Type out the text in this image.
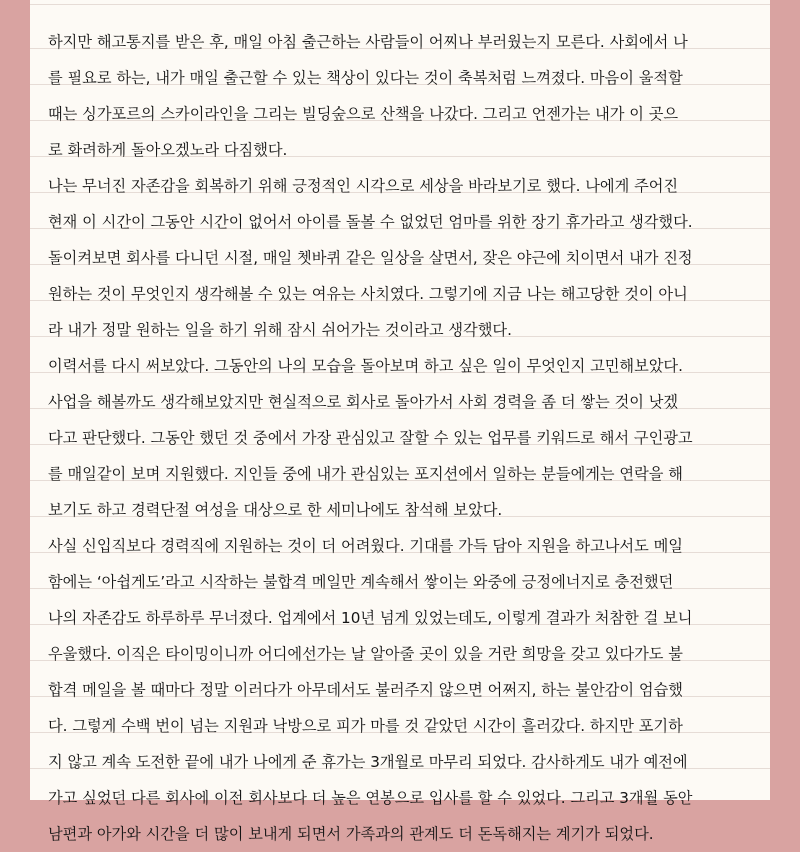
하지만 해고통지를 받은 후, 매일 아침 출근하는 사람들이 어찌나 부러웠는지 모른다. 사회에서 나
를 필요로 하는, 내가 매일 출근할 수 있는 책상이 있다는 것이 축복처럼 느껴졌다. 마음이 울적할
때는 싱가포르의 스카이라인을 그리는 빌딩숲으로 산책을 나갔다. 그리고 언젠가는 내가 이 곳으
로 화려하게 돌아오겠노라 다짐했다.
나는 무너진 자존감을 회복하기 위해 긍정적인 시각으로 세상을 바라보기로 했다. 나에게 주어진
현재 이 시간이 그동안 시간이 없어서 아이를 돌볼 수 없었던 엄마를 위한 장기 휴가라고 생각했다.
돌이켜보면 회사를 다니던 시절, 매일 쳇바퀴 같은 일상을 살면서, 잦은 야근에 치이면서 내가 진정
원하는 것이 무엇인지 생각해볼 수 있는 여유는 사치였다. 그렇기에 지금 나는 해고당한 것이 아니
라 내가 정말 원하는 일을 하기 위해 잠시 쉬어가는 것이라고 생각했다.
이력서를 다시 써보았다. 그동안의 나의 모습을 돌아보며 하고 싶은 일이 무엇인지 고민해보았다.
사업을 해볼까도 생각해보았지만 현실적으로 회사로 돌아가서 사회 경력을 좀 더 쌓는 것이 낫겠
다고 판단했다. 그동안 했던 것 중에서 가장 관심있고 잘할 수 있는 업무를 키워드로 해서 구인광고
를 매일같이 보며 지원했다. 지인들 중에 내가 관심있는 포지션에서 일하는 분들에게는 연락을 해
보기도 하고 경력단절 여성을 대상으로 한 세미나에도 참석해 보았다.
사실 신입직보다 경력직에 지원하는 것이 더 어려웠다. 기대를 가득 담아 지원을 하고나서도 메일
함에는 ‘아쉽게도’라고 시작하는 불합격 메일만 계속해서 쌓이는 와중에 긍정에너지로 충전했던
나의 자존감도 하루하루 무너졌다. 업계에서 10년 넘게 있었는데도, 이렇게 결과가 처참한 걸 보니
우울했다. 이직은 타이밍이니까 어디에선가는 날 알아줄 곳이 있을 거란 희망을 갖고 있다가도 불
합격 메일을 볼 때마다 정말 이러다가 아무데서도 불러주지 않으면 어쩌지, 하는 불안감이 엄습했
다. 그렇게 수백 번이 넘는 지원과 낙방으로 피가 마를 것 같았던 시간이 흘러갔다. 하지만 포기하
지 않고 계속 도전한 끝에 내가 나에게 준 휴가는 3개월로 마무리 되었다. 감사하게도 내가 예전에
가고 싶었던 다른 회사에 이전 회사보다 더 높은 연봉으로 입사를 할 수 있었다. 그리고 3개월 동안
남편과 아가와 시간을 더 많이 보내게 되면서 가족과의 관계도 더 돈독해지는 계기가 되었다.
